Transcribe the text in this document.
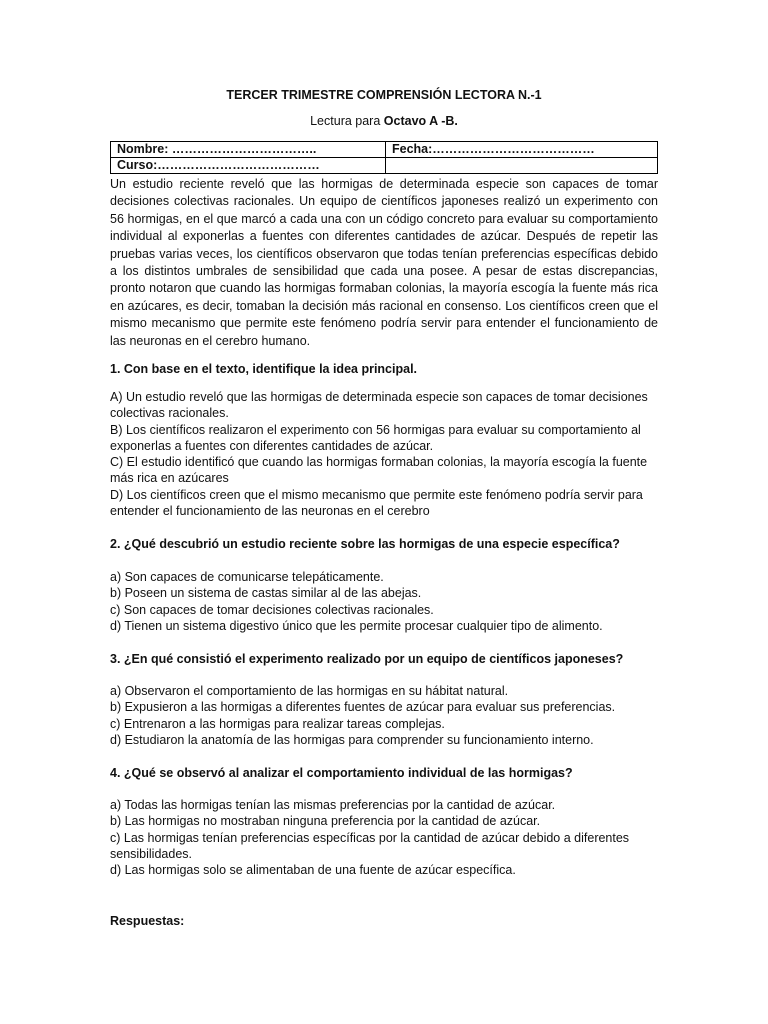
TERCER TRIMESTRE COMPRENSIÓN LECTORA N.-1
Lectura para Octavo A -B.
Nombre: ……………………………..	Fecha:…………………………………
Curso:…………………………………	
Un estudio reciente reveló que las hormigas de determinada especie son capaces de tomar decisiones colectivas racionales. Un equipo de científicos japoneses realizó un experimento con 56 hormigas, en el que marcó a cada una con un código concreto para evaluar su comportamiento individual al exponerlas a fuentes con diferentes cantidades de azúcar. Después de repetir las pruebas varias veces, los científicos observaron que todas tenían preferencias específicas debido a los distintos umbrales de sensibilidad que cada una posee. A pesar de estas discrepancias, pronto notaron que cuando las hormigas formaban colonias, la mayoría escogía la fuente más rica en azúcares, es decir, tomaban la decisión más racional en consenso. Los científicos creen que el mismo mecanismo que permite este fenómeno podría servir para entender el funcionamiento de las neuronas en el cerebro humano.
1. Con base en el texto, identifique la idea principal.
A) Un estudio reveló que las hormigas de determinada especie son capaces de tomar decisiones colectivas racionales.
B) Los científicos realizaron el experimento con 56 hormigas para evaluar su comportamiento al exponerlas a fuentes con diferentes cantidades de azúcar.
C) El estudio identificó que cuando las hormigas formaban colonias, la mayoría escogía la fuente más rica en azúcares
D) Los científicos creen que el mismo mecanismo que permite este fenómeno podría servir para entender el funcionamiento de las neuronas en el cerebro
2. ¿Qué descubrió un estudio reciente sobre las hormigas de una especie específica?
a) Son capaces de comunicarse telepáticamente.
b) Poseen un sistema de castas similar al de las abejas.
c) Son capaces de tomar decisiones colectivas racionales.
d) Tienen un sistema digestivo único que les permite procesar cualquier tipo de alimento.
3. ¿En qué consistió el experimento realizado por un equipo de científicos japoneses?
a) Observaron el comportamiento de las hormigas en su hábitat natural.
b) Expusieron a las hormigas a diferentes fuentes de azúcar para evaluar sus preferencias.
c) Entrenaron a las hormigas para realizar tareas complejas.
d) Estudiaron la anatomía de las hormigas para comprender su funcionamiento interno.
4. ¿Qué se observó al analizar el comportamiento individual de las hormigas?
a) Todas las hormigas tenían las mismas preferencias por la cantidad de azúcar.
b) Las hormigas no mostraban ninguna preferencia por la cantidad de azúcar.
c) Las hormigas tenían preferencias específicas por la cantidad de azúcar debido a diferentes sensibilidades.
d) Las hormigas solo se alimentaban de una fuente de azúcar específica.
Respuestas:
